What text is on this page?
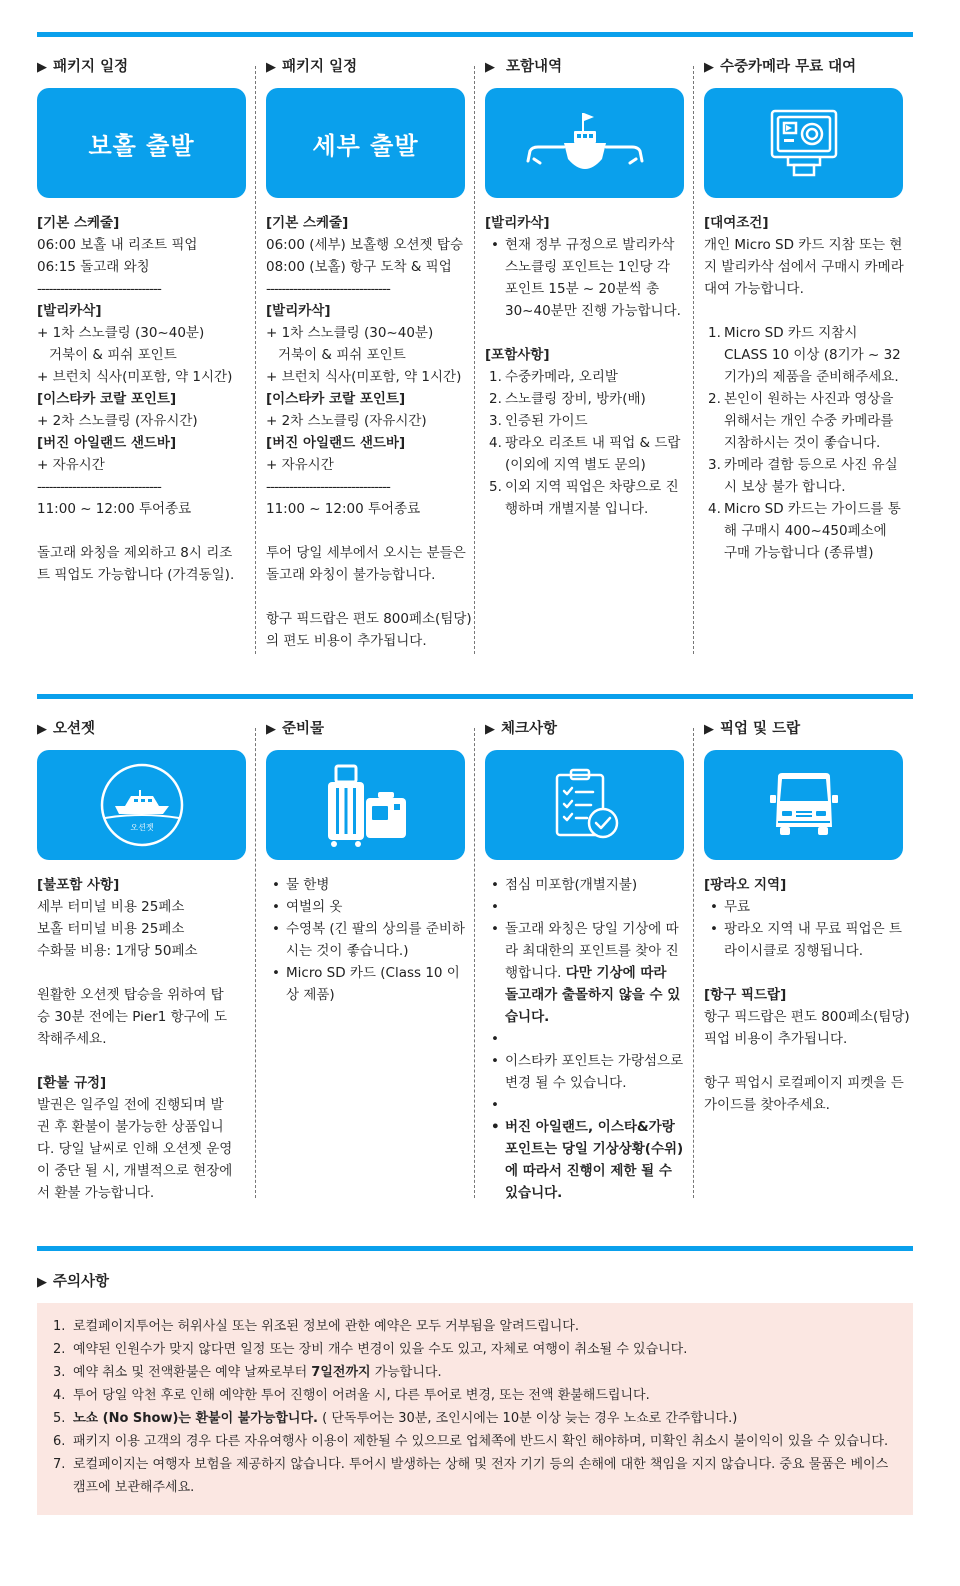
▶ 패키지 일정
보홀 출발

[기본 스케줄]

06:00 보홀 내 리조트 픽업

06:15 돌고래 와칭

--------------------------------

[발리카삭]

+ 1차 스노클링 (30~40분)

거북이 & 피쉬 포인트

+ 브런치 식사(미포함, 약 1시간)

[이스타카 코랄 포인트]

+ 2차 스노클링 (자유시간)

[버진 아일랜드 샌드바]

+ 자유시간

--------------------------------

11:00 ~ 12:00 투어종료

돌고래 와칭을 제외하고 8시 리조

트 픽업도 가능합니다 (가격동일).

▶ 패키지 일정
세부 출발

[기본 스케줄]

06:00 (세부) 보홀행 오션젯 탑승

08:00 (보홀) 항구 도착 & 픽업

--------------------------------

[발리카삭]

+ 1차 스노클링 (30~40분)

거북이 & 피쉬 포인트

+ 브런치 식사(미포함, 약 1시간)

[이스타카 코랄 포인트]

+ 2차 스노클링 (자유시간)

[버진 아일랜드 샌드바]

+ 자유시간

--------------------------------

11:00 ~ 12:00 투어종료

투어 당일 세부에서 오시는 분들은

돌고래 와칭이 불가능합니다.

항구 픽드랍은 편도 800페소(팀당)

의 편도 비용이 추가됩니다.

▶ 포함내역

[발리카삭]

• 현재 정부 규정으로 발리카삭 스노클링 포인트는 1인당 각 포인트 15분 ~ 20분씩 총 30~40분만 진행 가능합니다.

[포함사항]

1. 수중카메라, 오리발
2. 스노클링 장비, 방카(배)
3. 인증된 가이드
4. 팡라오 리조트 내 픽업 & 드랍 (이외에 지역 별도 문의)
5. 이외 지역 픽업은 차량으로 진행하며 개별지불 입니다.
▶ 수중카메라 무료 대여

[대여조건]

개인 Micro SD 카드 지참 또는 현지 발리카삭 섬에서 구매시 카메라 대여 가능합니다.

1. Micro SD 카드 지참시 CLASS 10 이상 (8기가 ~ 32기가)의 제품을 준비해주세요.
2. 본인이 원하는 사진과 영상을 위해서는 개인 수중 카메라를 지참하시는 것이 좋습니다.
3. 카메라 결함 등으로 사진 유실 시 보상 불가 합니다.
4. Micro SD 카드는 가이드를 통해 구매시 400~450페소에 구매 가능합니다 (종류별)
▶ 오션젯
오션젯

[불포함 사항]

세부 터미널 비용 25페소

보홀 터미널 비용 25페소

수화물 비용: 1개당 50페소

원활한 오션젯 탑승을 위하여 탑

승 30분 전에는 Pier1 항구에 도

착해주세요.

[환불 규정]

발권은 일주일 전에 진행되며 발

권 후 환불이 불가능한 상품입니

다. 당일 날씨로 인해 오션젯 운영

이 중단 될 시, 개별적으로 현장에

서 환불 가능합니다.

▶ 준비물
• 물 한병
• 여벌의 옷
• 수영복 (긴 팔의 상의를 준비하시는 것이 좋습니다.)
• Micro SD 카드 (Class 10 이상 제품)
▶ 체크사항
• 점심 미포함(개별지불)
•
• 돌고래 와칭은 당일 기상에 따라 최대한의 포인트를 찾아 진행합니다. 다만 기상에 따라 돌고래가 출몰하지 않을 수 있습니다.
•
• 이스타카 포인트는 가랑섬으로 변경 될 수 있습니다.
•
• 버진 아일랜드, 이스타&가랑포인트는 당일 기상상황(수위)에 따라서 진행이 제한 될 수 있습니다.
▶ 픽업 및 드랍

[팡라오 지역]

• 무료
• 팡라오 지역 내 무료 픽업은 트라이시클로 징행됩니다.

[항구 픽드랍]

항구 픽드랍은 편도 800페소(팀당)

픽업 비용이 추가됩니다.

항구 픽업시 로컬페이지 피켓을 든

가이드를 찾아주세요.

▶ 주의사항
1. 로컬페이지투어는 허위사실 또는 위조된 정보에 관한 예약은 모두 거부됨을 알려드립니다.
2. 예약된 인원수가 맞지 않다면 일정 또는 장비 개수 변경이 있을 수도 있고, 자체로 여행이 취소될 수 있습니다.
3. 예약 취소 및 전액환불은 예약 날짜로부터 7일전까지 가능합니다.
4. 투어 당일 악천 후로 인해 예약한 투어 진행이 어려울 시, 다른 투어로 변경, 또는 전액 환불해드립니다.
5. 노쇼 (No Show)는 환불이 불가능합니다. ( 단독투어는 30분, 조인시에는 10분 이상 늦는 경우 노쇼로 간주합니다.)
6. 패키지 이용 고객의 경우 다른 자유여행사 이용이 제한될 수 있으므로 업체쪽에 반드시 확인 해야하며, 미확인 취소시 불이익이 있을 수 있습니다.
7. 로컬페이지는 여행자 보험을 제공하지 않습니다. 투어시 발생하는 상해 및 전자 기기 등의 손해에 대한 책임을 지지 않습니다. 중요 물품은 베이스캠프에 보관해주세요.
